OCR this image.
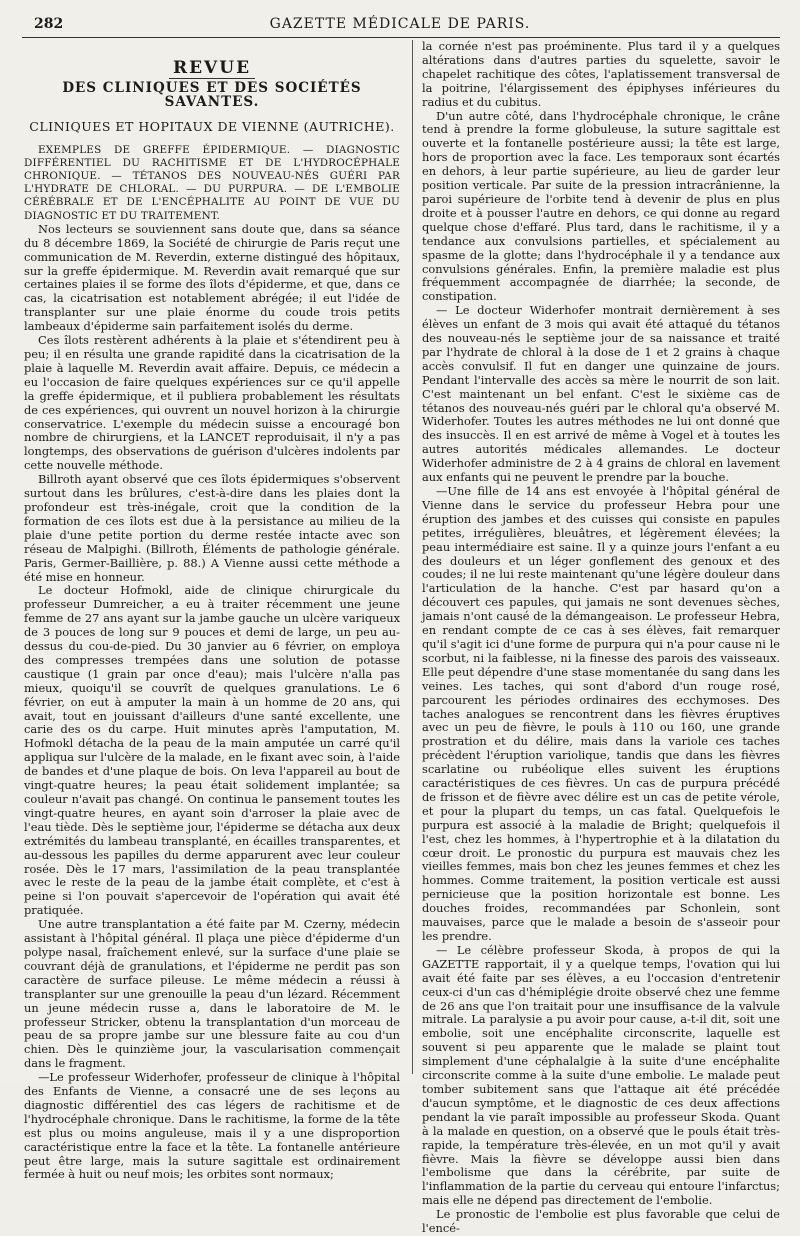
282	GAZETTE MÉDICALE DE PARIS.
REVUE
DES CLINIQUES ET DES SOCIÉTÉS SAVANTES.
CLINIQUES ET HOPITAUX DE VIENNE (AUTRICHE).

EXEMPLES DE GREFFE ÉPIDERMIQUE. — DIAGNOSTIC DIFFÉRENTIEL DU RACHITISME ET DE L'HYDROCÉPHALE CHRONIQUE. — TÉTANOS DES NOUVEAU-NÉS GUÉRI PAR L'HYDRATE DE CHLORAL. — DU PURPURA. — DE L'EMBOLIE CÉRÉBRALE ET DE L'ENCÉPHALITE AU POINT DE VUE DU DIAGNOSTIC ET DU TRAITEMENT.

Nos lecteurs se souviennent sans doute que, dans sa séance du 8 décembre 1869, la Société de chirurgie de Paris reçut une communication de M. Reverdin, externe distingué des hôpitaux, sur la greffe épidermique. M. Reverdin avait remarqué que sur certaines plaies il se forme des îlots d'épiderme, et que, dans ce cas, la cicatrisation est notablement abrégée; il eut l'idée de transplanter sur une plaie énorme du coude trois petits lambeaux d'épiderme sain parfaitement isolés du derme.

Ces îlots restèrent adhérents à la plaie et s'étendirent peu à peu; il en résulta une grande rapidité dans la cicatrisation de la plaie à laquelle M. Reverdin avait affaire. Depuis, ce médecin a eu l'occasion de faire quelques expériences sur ce qu'il appelle la greffe épidermique, et il publiera probablement les résultats de ces expériences, qui ouvrent un nouvel horizon à la chirurgie conservatrice. L'exemple du médecin suisse a encouragé bon nombre de chirurgiens, et la LANCET reproduisait, il n'y a pas longtemps, des observations de guérison d'ulcères indolents par cette nouvelle méthode.

Billroth ayant observé que ces îlots épidermiques s'observent surtout dans les brûlures, c'est-à-dire dans les plaies dont la profondeur est très-inégale, croit que la condition de la formation de ces îlots est due à la persistance au milieu de la plaie d'une petite portion du derme restée intacte avec son réseau de Malpighi. (Billroth, Éléments de pathologie générale. Paris, Germer-Baillière, p. 88.) A Vienne aussi cette méthode a été mise en honneur.

Le docteur Hofmokl, aide de clinique chirurgicale du professeur Dumreicher, a eu à traiter récemment une jeune femme de 27 ans ayant sur la jambe gauche un ulcère variqueux de 3 pouces de long sur 9 pouces et demi de large, un peu au-dessus du cou-de-pied. Du 30 janvier au 6 février, on employa des compresses trempées dans une solution de potasse caustique (1 grain par once d'eau); mais l'ulcère n'alla pas mieux, quoiqu'il se couvrît de quelques granulations. Le 6 février, on eut à amputer la main à un homme de 20 ans, qui avait, tout en jouissant d'ailleurs d'une santé excellente, une carie des os du carpe. Huit minutes après l'amputation, M. Hofmokl détacha de la peau de la main amputée un carré qu'il appliqua sur l'ulcère de la malade, en le fixant avec soin, à l'aide de bandes et d'une plaque de bois. On leva l'appareil au bout de vingt-quatre heures; la peau était solidement implantée; sa couleur n'avait pas changé. On continua le pansement toutes les vingt-quatre heures, en ayant soin d'arroser la plaie avec de l'eau tiède. Dès le septième jour, l'épiderme se détacha aux deux extrémités du lambeau transplanté, en écailles transparentes, et au-dessous les papilles du derme apparurent avec leur couleur rosée. Dès le 17 mars, l'assimilation de la peau transplantée avec le reste de la peau de la jambe était complète, et c'est à peine si l'on pouvait s'apercevoir de l'opération qui avait été pratiquée.

Une autre transplantation a été faite par M. Czerny, médecin assistant à l'hôpital général. Il plaça une pièce d'épiderme d'un polype nasal, fraîchement enlevé, sur la surface d'une plaie se couvrant déjà de granulations, et l'épiderme ne perdit pas son caractère de surface pileuse. Le même médecin a réussi à transplanter sur une grenouille la peau d'un lézard. Récemment un jeune médecin russe a, dans le laboratoire de M. le professeur Stricker, obtenu la transplantation d'un morceau de peau de sa propre jambe sur une blessure faite au cou d'un chien. Dès le quinzième jour, la vascularisation commençait dans le fragment.

—Le professeur Widerhofer, professeur de clinique à l'hôpital des Enfants de Vienne, a consacré une de ses leçons au diagnostic différentiel des cas légers de rachitisme et de l'hydrocéphale chronique. Dans le rachitisme, la forme de la tête est plus ou moins anguleuse, mais il y a une disproportion caractéristique entre la face et la tête. La fontanelle antérieure peut être large, mais la suture sagittale est ordinairement fermée à huit ou neuf mois; les orbites sont normaux;

la cornée n'est pas proéminente. Plus tard il y a quelques altérations dans d'autres parties du squelette, savoir le chapelet rachitique des côtes, l'aplatissement transversal de la poitrine, l'élargissement des épiphyses inférieures du radius et du cubitus.

D'un autre côté, dans l'hydrocéphale chronique, le crâne tend à prendre la forme globuleuse, la suture sagittale est ouverte et la fontanelle postérieure aussi; la tête est large, hors de proportion avec la face. Les temporaux sont écartés en dehors, à leur partie supérieure, au lieu de garder leur position verticale. Par suite de la pression intracrânienne, la paroi supérieure de l'orbite tend à devenir de plus en plus droite et à pousser l'autre en dehors, ce qui donne au regard quelque chose d'effaré. Plus tard, dans le rachitisme, il y a tendance aux convulsions partielles, et spécialement au spasme de la glotte; dans l'hydrocéphale il y a tendance aux convulsions générales. Enfin, la première maladie est plus fréquemment accompagnée de diarrhée; la seconde, de constipation.

— Le docteur Widerhofer montrait dernièrement à ses élèves un enfant de 3 mois qui avait été attaqué du tétanos des nouveau-nés le septième jour de sa naissance et traité par l'hydrate de chloral à la dose de 1 et 2 grains à chaque accès convulsif. Il fut en danger une quinzaine de jours. Pendant l'intervalle des accès sa mère le nourrit de son lait. C'est maintenant un bel enfant. C'est le sixième cas de tétanos des nouveau-nés guéri par le chloral qu'a observé M. Widerhofer. Toutes les autres méthodes ne lui ont donné que des insuccès. Il en est arrivé de même à Vogel et à toutes les autres autorités médicales allemandes. Le docteur Widerhofer administre de 2 à 4 grains de chloral en lavement aux enfants qui ne peuvent le prendre par la bouche.

—Une fille de 14 ans est envoyée à l'hôpital général de Vienne dans le service du professeur Hebra pour une éruption des jambes et des cuisses qui consiste en papules petites, irrégulières, bleuâtres, et légèrement élevées; la peau intermédiaire est saine. Il y a quinze jours l'enfant a eu des douleurs et un léger gonflement des genoux et des coudes; il ne lui reste maintenant qu'une légère douleur dans l'articulation de la hanche. C'est par hasard qu'on a découvert ces papules, qui jamais ne sont devenues sèches, jamais n'ont causé de la démangeaison. Le professeur Hebra, en rendant compte de ce cas à ses élèves, fait remarquer qu'il s'agit ici d'une forme de purpura qui n'a pour cause ni le scorbut, ni la faiblesse, ni la finesse des parois des vaisseaux. Elle peut dépendre d'une stase momentanée du sang dans les veines. Les taches, qui sont d'abord d'un rouge rosé, parcourent les périodes ordinaires des ecchymoses. Des taches analogues se rencontrent dans les fièvres éruptives avec un peu de fièvre, le pouls à 110 ou 160, une grande prostration et du délire, mais dans la variole ces taches précèdent l'éruption variolique, tandis que dans les fièvres scarlatine ou rubéolique elles suivent les éruptions caractéristiques de ces fièvres. Un cas de purpura précédé de frisson et de fièvre avec délire est un cas de petite vérole, et pour la plupart du temps, un cas fatal. Quelquefois le purpura est associé à la maladie de Bright; quelquefois il l'est, chez les hommes, à l'hypertrophie et à la dilatation du cœur droit. Le pronostic du purpura est mauvais chez les vieilles femmes, mais bon chez les jeunes femmes et chez les hommes. Comme traitement, la position verticale est aussi pernicieuse que la position horizontale est bonne. Les douches froides, recommandées par Schonlein, sont mauvaises, parce que le malade a besoin de s'asseoir pour les prendre.

— Le célèbre professeur Skoda, à propos de qui la GAZETTE rapportait, il y a quelque temps, l'ovation qui lui avait été faite par ses élèves, a eu l'occasion d'entretenir ceux-ci d'un cas d'hémiplégie droite observé chez une femme de 26 ans que l'on traitait pour une insuffisance de la valvule mitrale. La paralysie a pu avoir pour cause, a-t-il dit, soit une embolie, soit une encéphalite circonscrite, laquelle est souvent si peu apparente que le malade se plaint tout simplement d'une céphalalgie à la suite d'une encéphalite circonscrite comme à la suite d'une embolie. Le malade peut tomber subitement sans que l'attaque ait été précédée d'aucun symptôme, et le diagnostic de ces deux affections pendant la vie paraît impossible au professeur Skoda. Quant à la malade en question, on a observé que le pouls était très-rapide, la température très-élevée, en un mot qu'il y avait fièvre. Mais la fièvre se développe aussi bien dans l'embolisme que dans la cérébrite, par suite de l'inflammation de la partie du cerveau qui entoure l'infarctus; mais elle ne dépend pas directement de l'embolie.

Le pronostic de l'embolie est plus favorable que celui de l'encé-
